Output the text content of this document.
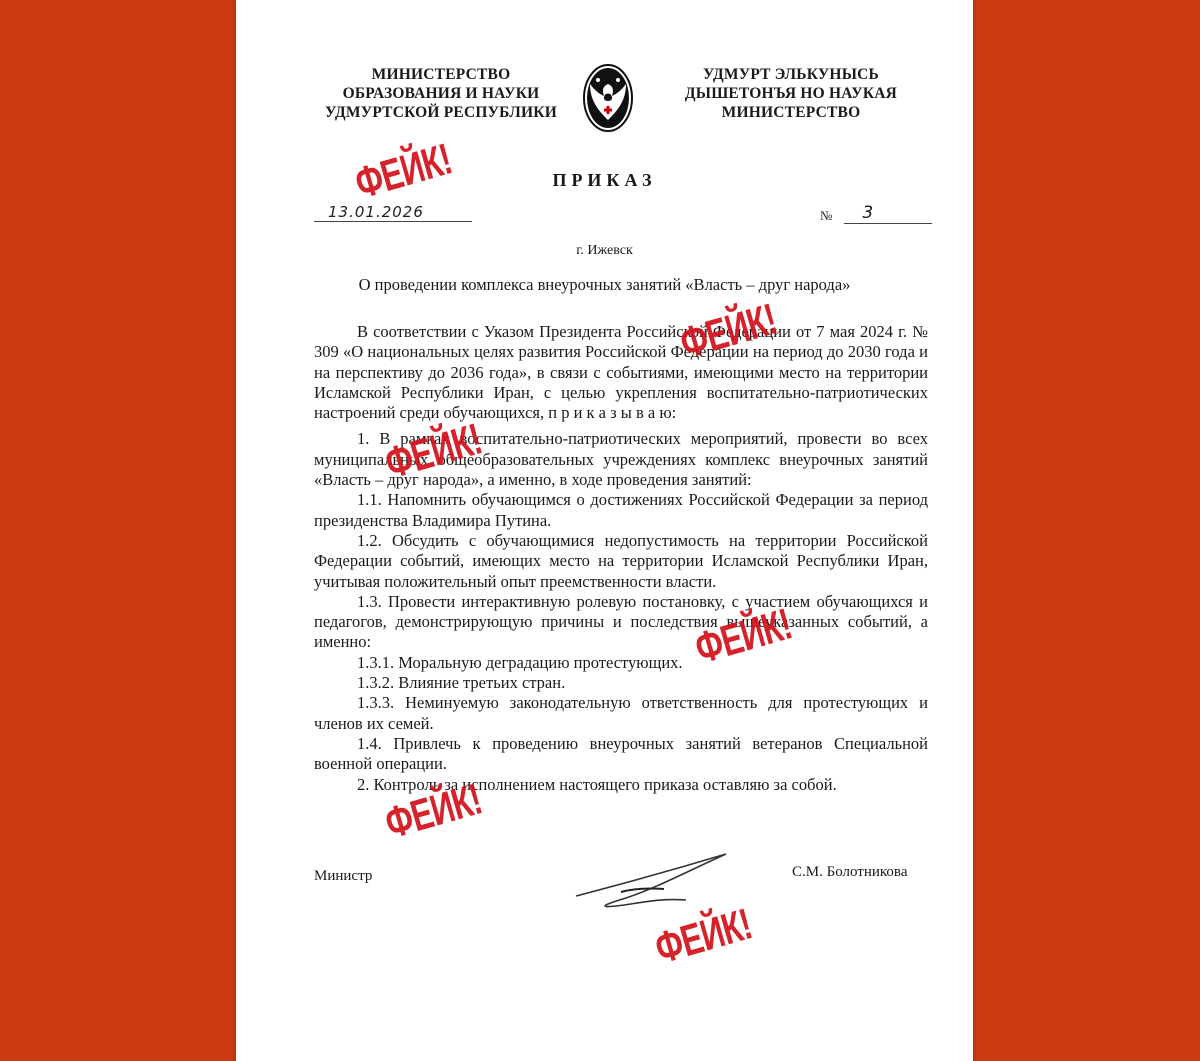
МИНИСТЕРСТВО
ОБРАЗОВАНИЯ И НАУКИ
УДМУРТСКОЙ РЕСПУБЛИКИ
УДМУРТ ЭЛЬКУНЫСЬ
ДЫШЕТОНЪЯ НО НАУКАЯ
МИНИСТЕРСТВО
ПРИКАЗ
13.01.2026	№ 3
г. Ижевск
О проведении комплекса внеурочных занятий «Власть – друг народа»

В соответствии с Указом Президента Российской Федерации от 7 мая 2024 г. № 309 «О национальных целях развития Российской Федерации на период до 2030 года и на перспективу до 2036 года», в связи с событиями, имеющими место на территории Исламской Республики Иран, с целью укрепления воспитательно-патриотическиx настроений среди обучающихся, п р и к а з ы в а ю:

1. В рамках воспитательно-патриотических мероприятий, провести во всех муниципальных общеобразовательных учреждениях комплекс внеурочных занятий «Власть – друг народа», а именно, в ходе проведения занятий:

1.1. Напомнить обучающимся о достижениях Российской Федерации за период президенства Владимира Путина.

1.2. Обсудить с обучающимися недопустимость на территории Российской Федерации событий, имеющих место на территории Исламской Республики Иран, учитывая положительный опыт преемственности власти.

1.3. Провести интерактивную ролевую постановку, с участием обучающихся и педагогов, демонстрирующую причины и последствия вышеуказанных событий, а именно:

1.3.1. Моральную деградацию протестующих.

1.3.2. Влияние третьих стран.

1.3.3. Неминуемую законодательную ответственность для протестующих и членов их семей.

1.4. Привлечь к проведению внеурочных занятий ветеранов Специальной военной операции.

2. Контроль за исполнением настоящего приказа оставляю за собой.

Министр	С.М. Болотникова
ФЕЙК!
ФЕЙК!
ФЕЙК!
ФЕЙК!
ФЕЙК!
ФЕЙК!
